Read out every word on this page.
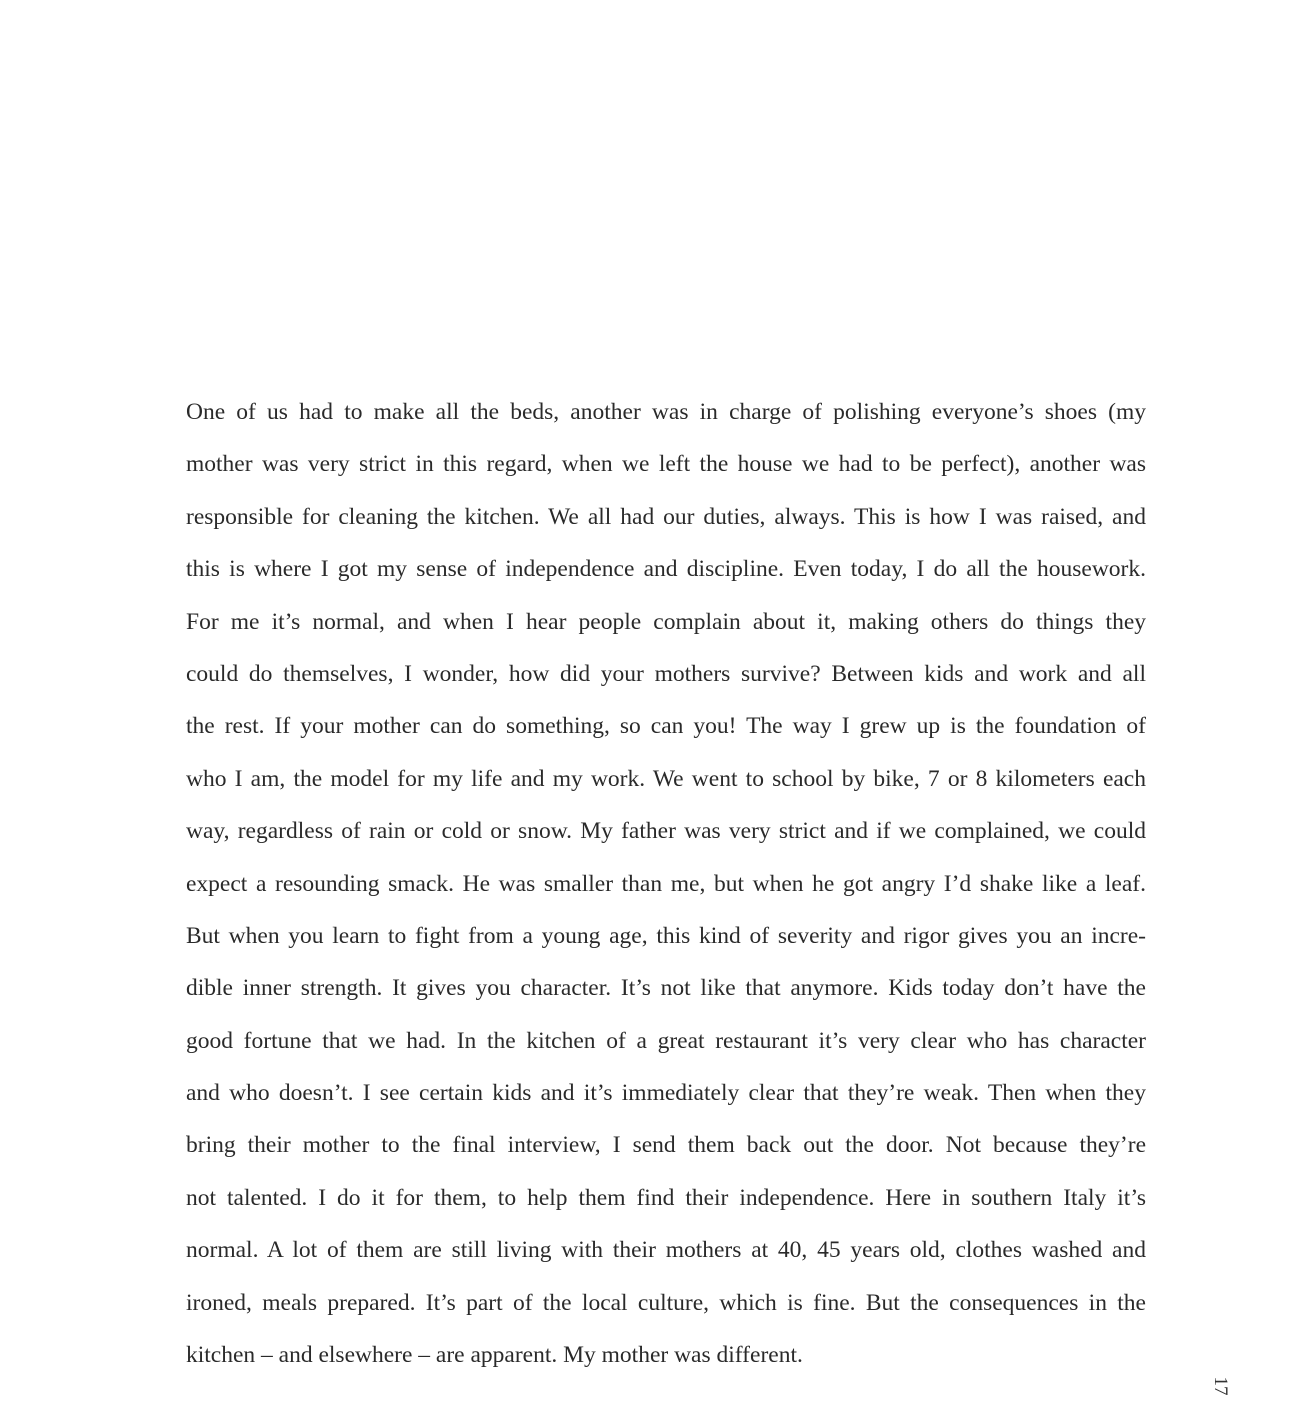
One of us had to make all the beds, another was in charge of polishing everyone’s shoes (my
mother was very strict in this regard, when we left the house we had to be perfect), another was
responsible for cleaning the kitchen. We all had our duties, always. This is how I was raised, and
this is where I got my sense of independence and discipline. Even today, I do all the housework.
For me it’s normal, and when I hear people complain about it, making others do things they
could do themselves, I wonder, how did your mothers survive? Between kids and work and all
the rest. If your mother can do something, so can you! The way I grew up is the foundation of
who I am, the model for my life and my work. We went to school by bike, 7 or 8 kilometers each
way, regardless of rain or cold or snow. My father was very strict and if we complained, we could
expect a resounding smack. He was smaller than me, but when he got angry I’d shake like a leaf.
But when you learn to fight from a young age, this kind of severity and rigor gives you an incre-
dible inner strength. It gives you character. It’s not like that anymore. Kids today don’t have the
good fortune that we had. In the kitchen of a great restaurant it’s very clear who has character
and who doesn’t. I see certain kids and it’s immediately clear that they’re weak. Then when they
bring their mother to the final interview, I send them back out the door. Not because they’re
not talented. I do it for them, to help them find their independence. Here in southern Italy it’s
normal. A lot of them are still living with their mothers at 40, 45 years old, clothes washed and
ironed, meals prepared. It’s part of the local culture, which is fine. But the consequences in the
kitchen – and elsewhere – are apparent. My mother was different.
17
